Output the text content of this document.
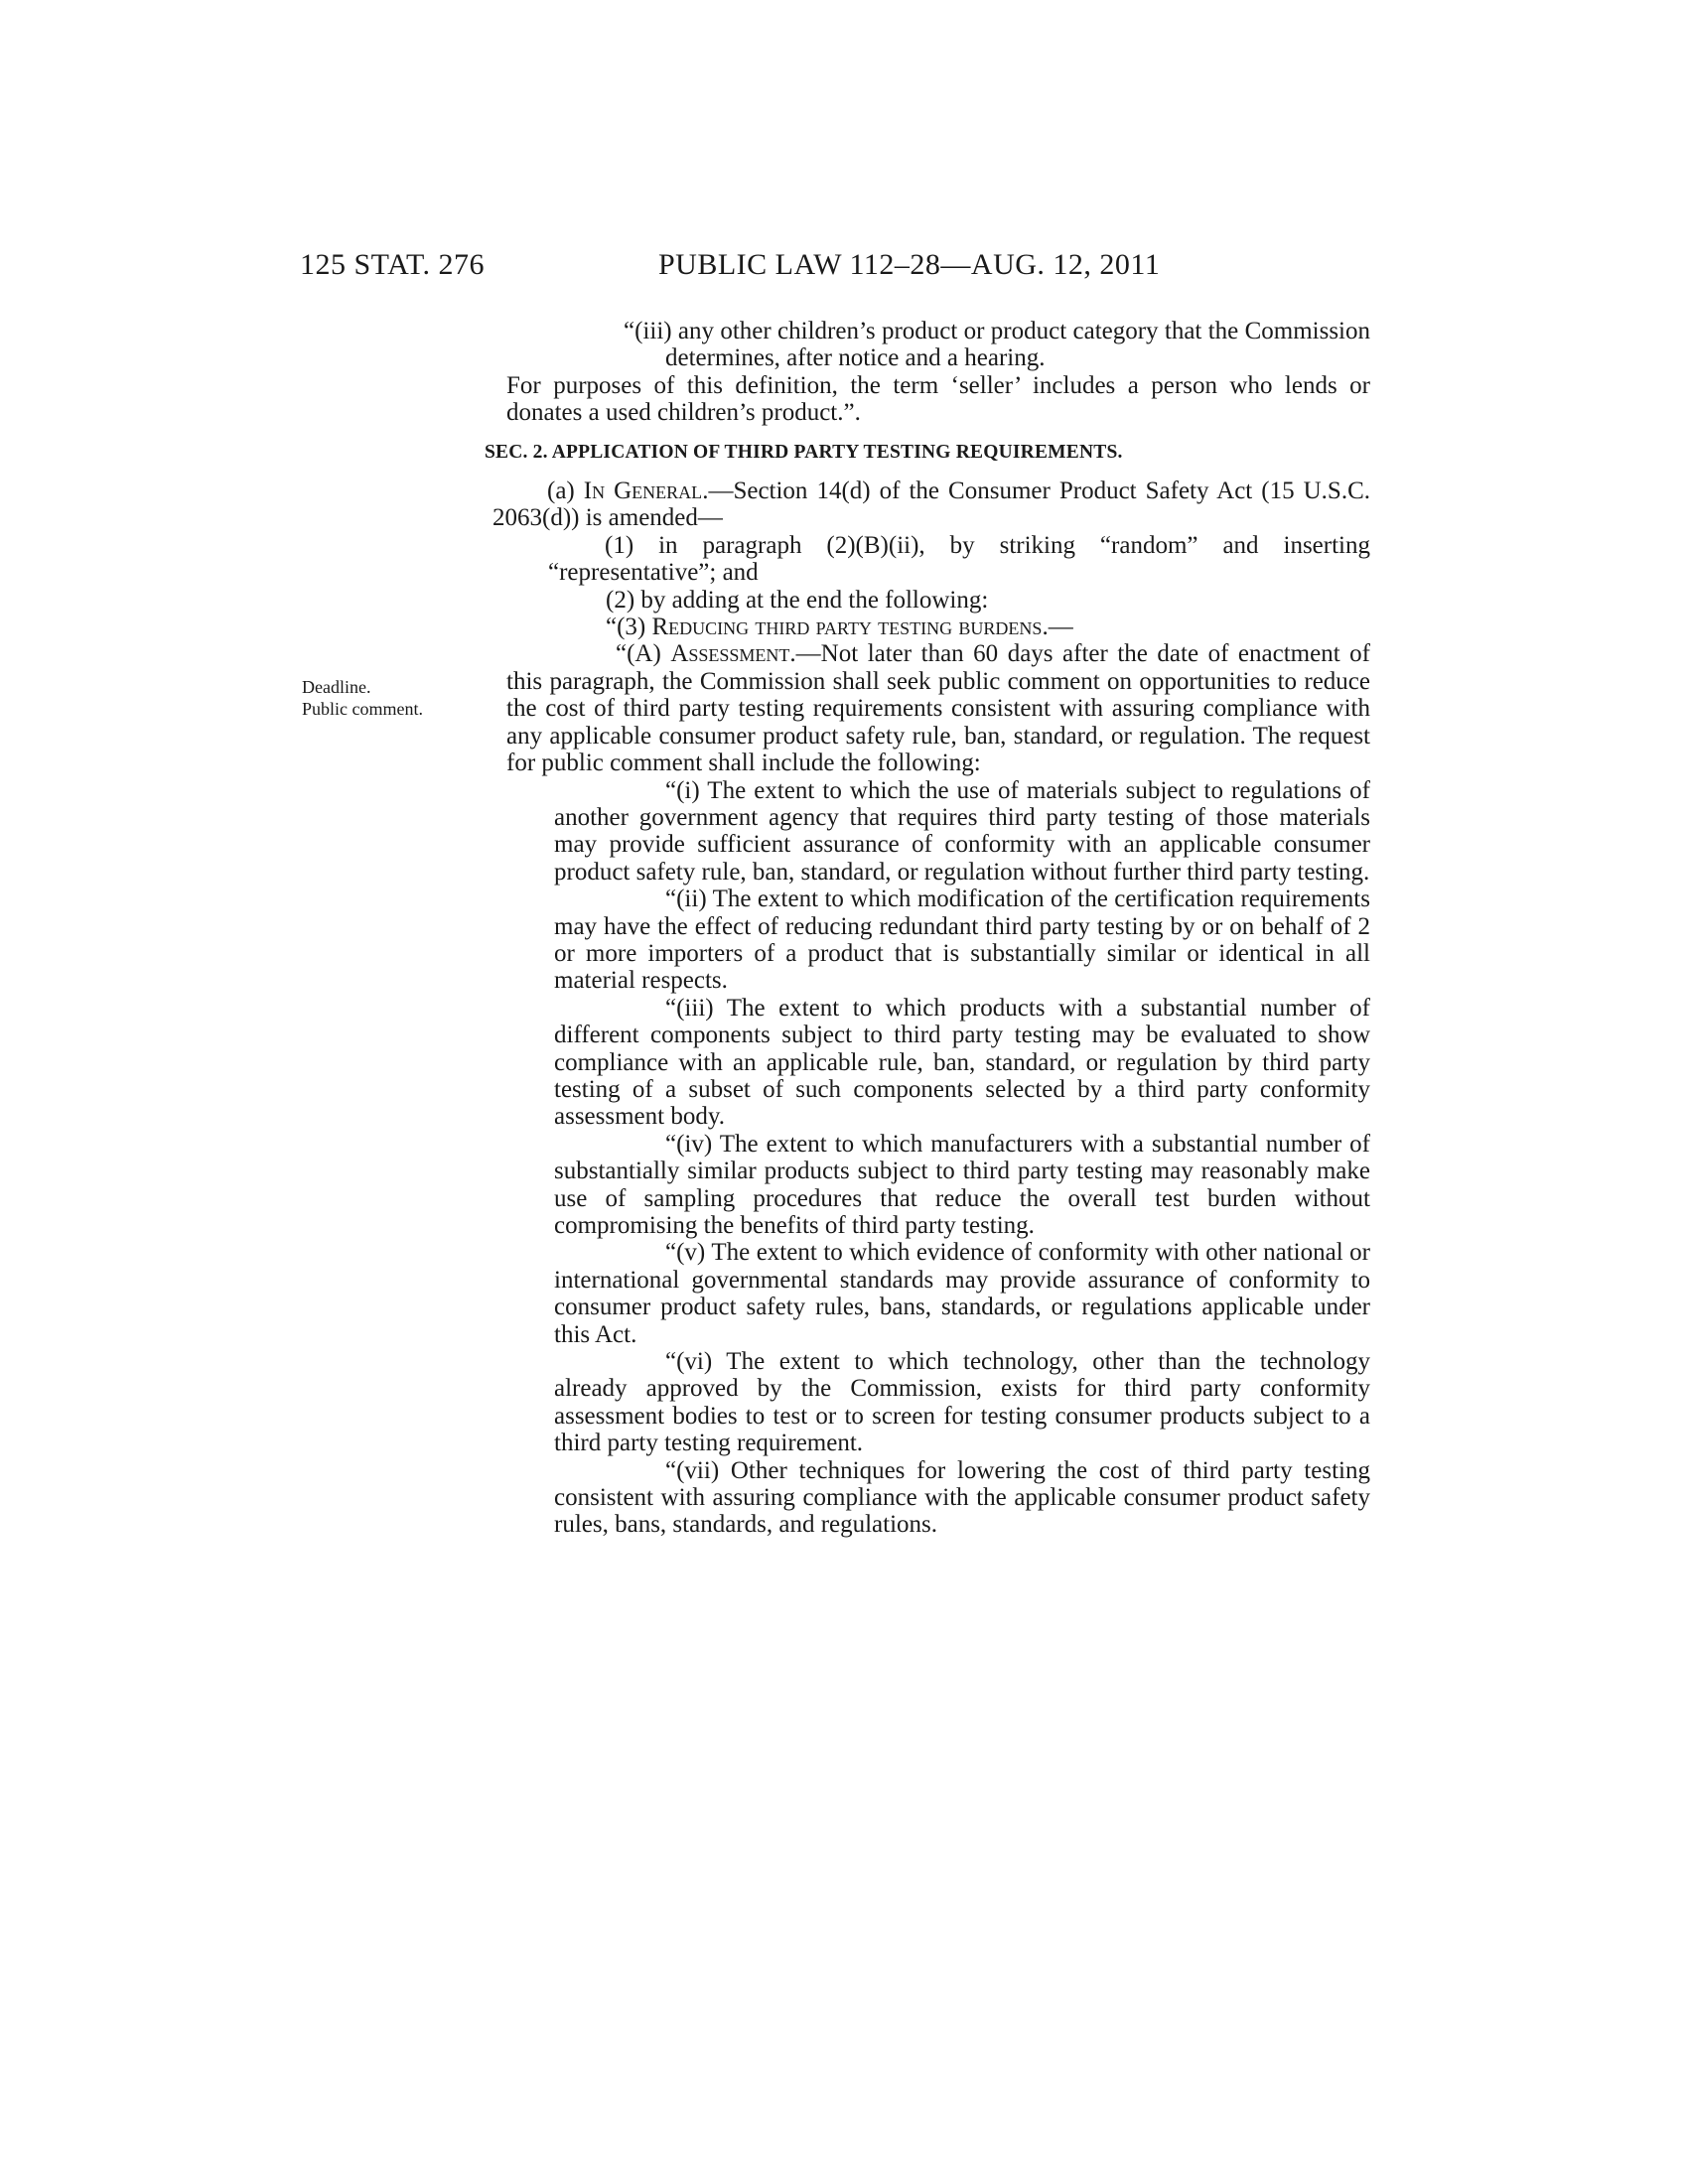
125 STAT. 276	PUBLIC LAW 112–28—AUG. 12, 2011
Deadline.
Public comment.

“(iii) any other children’s product or product category that the Commission determines, after notice and a hearing.

For purposes of this definition, the term ‘seller’ includes a person who lends or donates a used children’s product.”.

SEC. 2. APPLICATION OF THIRD PARTY TESTING REQUIREMENTS.

(a) In General.—Section 14(d) of the Consumer Product Safety Act (15 U.S.C. 2063(d)) is amended—

(1) in paragraph (2)(B)(ii), by striking “random” and inserting “representative”; and

(2) by adding at the end the following:

“(3) Reducing third party testing burdens.—

“(A) Assessment.—Not later than 60 days after the date of enactment of this paragraph, the Commission shall seek public comment on opportunities to reduce the cost of third party testing requirements consistent with assuring compliance with any applicable consumer product safety rule, ban, standard, or regulation. The request for public comment shall include the following:

“(i) The extent to which the use of materials subject to regulations of another government agency that requires third party testing of those materials may provide sufficient assurance of conformity with an applicable consumer product safety rule, ban, standard, or regulation without further third party testing.

“(ii) The extent to which modification of the certification requirements may have the effect of reducing redundant third party testing by or on behalf of 2 or more importers of a product that is substantially similar or identical in all material respects.

“(iii) The extent to which products with a substantial number of different components subject to third party testing may be evaluated to show compliance with an applicable rule, ban, standard, or regulation by third party testing of a subset of such components selected by a third party conformity assessment body.

“(iv) The extent to which manufacturers with a substantial number of substantially similar products subject to third party testing may reasonably make use of sampling procedures that reduce the overall test burden without compromising the benefits of third party testing.

“(v) The extent to which evidence of conformity with other national or international governmental standards may provide assurance of conformity to consumer product safety rules, bans, standards, or regulations applicable under this Act.

“(vi) The extent to which technology, other than the technology already approved by the Commission, exists for third party conformity assessment bodies to test or to screen for testing consumer products subject to a third party testing requirement.

“(vii) Other techniques for lowering the cost of third party testing consistent with assuring compliance with the applicable consumer product safety rules, bans, standards, and regulations.
